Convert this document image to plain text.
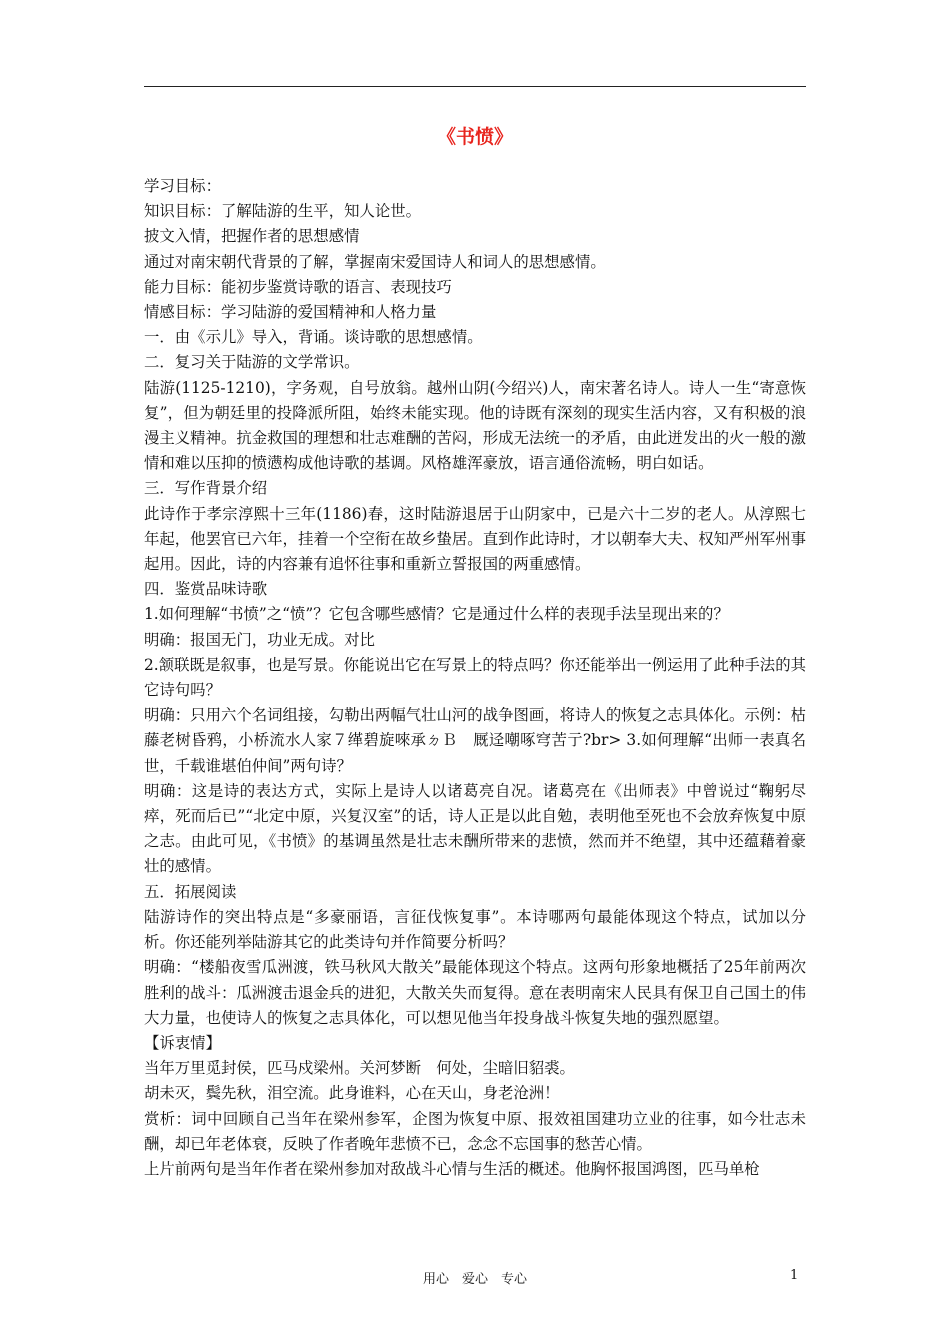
《书愤》

学习目标：

知识目标：了解陆游的生平，知人论世。

披文入情，把握作者的思想感情

通过对南宋朝代背景的了解，掌握南宋爱国诗人和词人的思想感情。

能力目标：能初步鉴赏诗歌的语言、表现技巧

情感目标：学习陆游的爱国精神和人格力量

一．由《示儿》导入，背诵。谈诗歌的思想感情。

二．复习关于陆游的文学常识。

陆游(1125-1210)，字务观，自号放翁。越州山阴(今绍兴)人，南宋著名诗人。诗人一生“寄意恢复”，但为朝廷里的投降派所阻，始终未能实现。他的诗既有深刻的现实生活内容，又有积极的浪漫主义精神。抗金救国的理想和壮志难酬的苦闷，形成无法统一的矛盾，由此迸发出的火一般的激情和难以压抑的愤懑构成他诗歌的基调。风格雄浑豪放，语言通俗流畅，明白如话。

三．写作背景介绍

此诗作于孝宗淳熙十三年(1186)春，这时陆游退居于山阴家中，已是六十二岁的老人。从淳熙七年起，他罢官已六年，挂着一个空衔在故乡蛰居。直到作此诗时，才以朝奉大夫、权知严州军州事起用。因此，诗的内容兼有追怀往事和重新立誓报国的两重感情。

四．鉴赏品味诗歌

1.如何理解“书愤”之“愤”？它包含哪些感情？它是通过什么样的表现手法呈现出来的？

明确：报国无门，功业无成。对比

2.颔联既是叙事，也是写景。你能说出它在写景上的特点吗？你还能举出一例运用了此种手法的其它诗句吗？

明确：只用六个名词组接，勾勒出两幅气壮山河的战争图画，将诗人的恢复之志具体化。示例：枯藤老树昏鸦，小桥流水人家７缂碧旋唻承ㄉＢ　厩迳嘲啄穹苦亍?br> 3.如何理解“出师一表真名世，千载谁堪伯仲间”两句诗？

明确：这是诗的表达方式，实际上是诗人以诸葛亮自况。诸葛亮在《出师表》中曾说过“鞠躬尽瘁，死而后已”“北定中原，兴复汉室”的话，诗人正是以此自勉，表明他至死也不会放弃恢复中原之志。由此可见，《书愤》的基调虽然是壮志未酬所带来的悲愤，然而并不绝望，其中还蕴藉着豪壮的感情。

五．拓展阅读

陆游诗作的突出特点是“多豪丽语，言征伐恢复事”。本诗哪两句最能体现这个特点，试加以分析。你还能列举陆游其它的此类诗句并作简要分析吗？

明确：“楼船夜雪瓜洲渡，铁马秋风大散关”最能体现这个特点。这两句形象地概括了25年前两次胜利的战斗：瓜洲渡击退金兵的进犯，大散关失而复得。意在表明南宋人民具有保卫自己国土的伟大力量，也使诗人的恢复之志具体化，可以想见他当年投身战斗恢复失地的强烈愿望。

【诉衷情】

当年万里觅封侯，匹马戍梁州。关河梦断　何处，尘暗旧貂裘。

胡未灭，鬓先秋，泪空流。此身谁料，心在天山，身老沧洲！

赏析：词中回顾自己当年在梁州参军，企图为恢复中原、报效祖国建功立业的往事，如今壮志未酬，却已年老体衰，反映了作者晚年悲愤不已，念念不忘国事的愁苦心情。

上片前两句是当年作者在梁州参加对敌战斗心情与生活的概述。他胸怀报国鸿图，匹马单枪

用心　爱心　专心	1
